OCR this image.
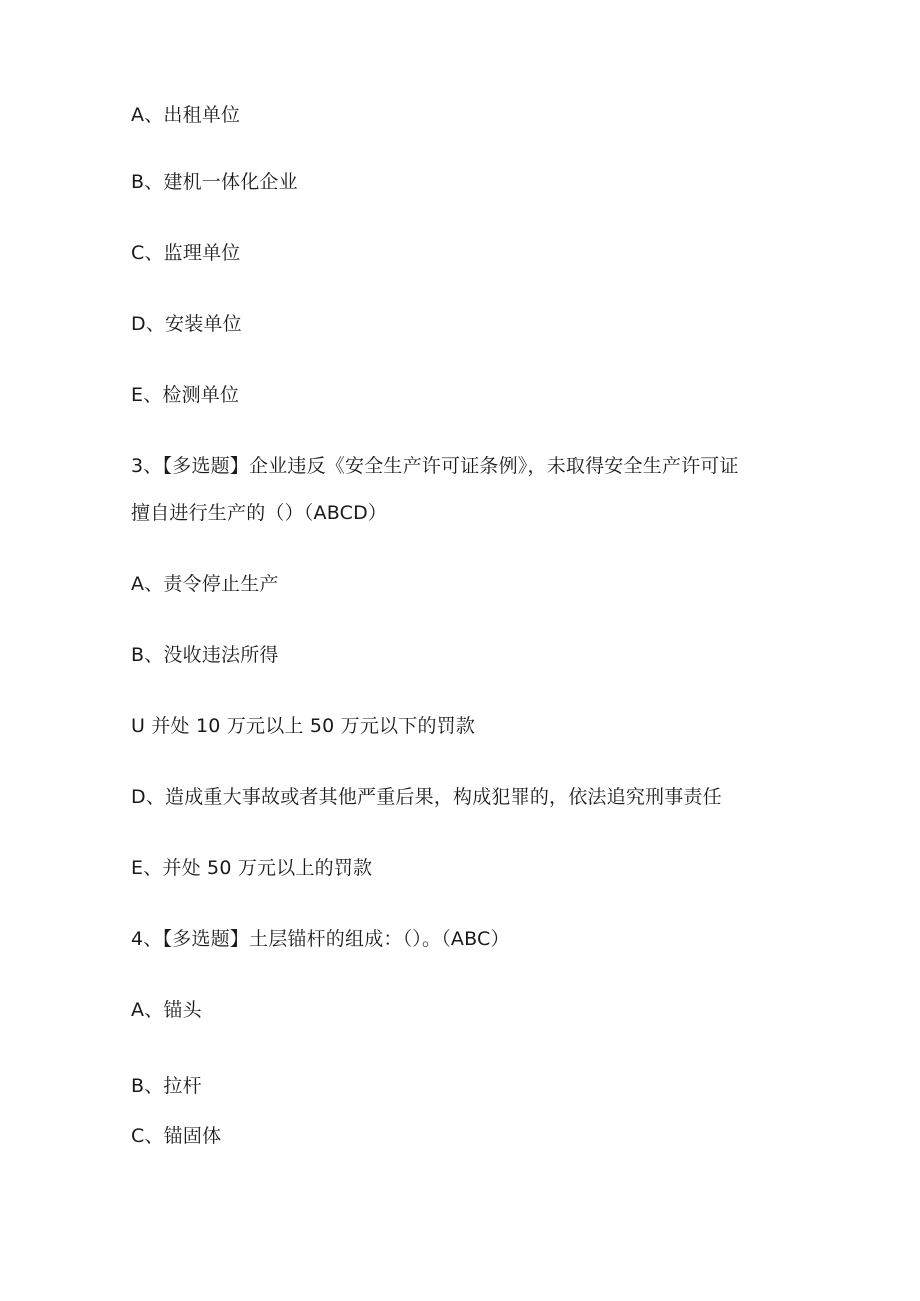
A、出租单位
B、建机一体化企业
C、监理单位
D、安装单位
E、检测单位
3、【多选题】企业违反《安全生产许可证条例》，未取得安全生产许可证
擅自进行生产的（）（ABCD）
A、责令停止生产
B、没收违法所得
U 并处 10 万元以上 50 万元以下的罚款
D、造成重大事故或者其他严重后果，构成犯罪的，依法追究刑事责任
E、并处 50 万元以上的罚款
4、【多选题】土层锚杆的组成：（）。（ABC）
A、锚头
B、拉杆
C、锚固体
